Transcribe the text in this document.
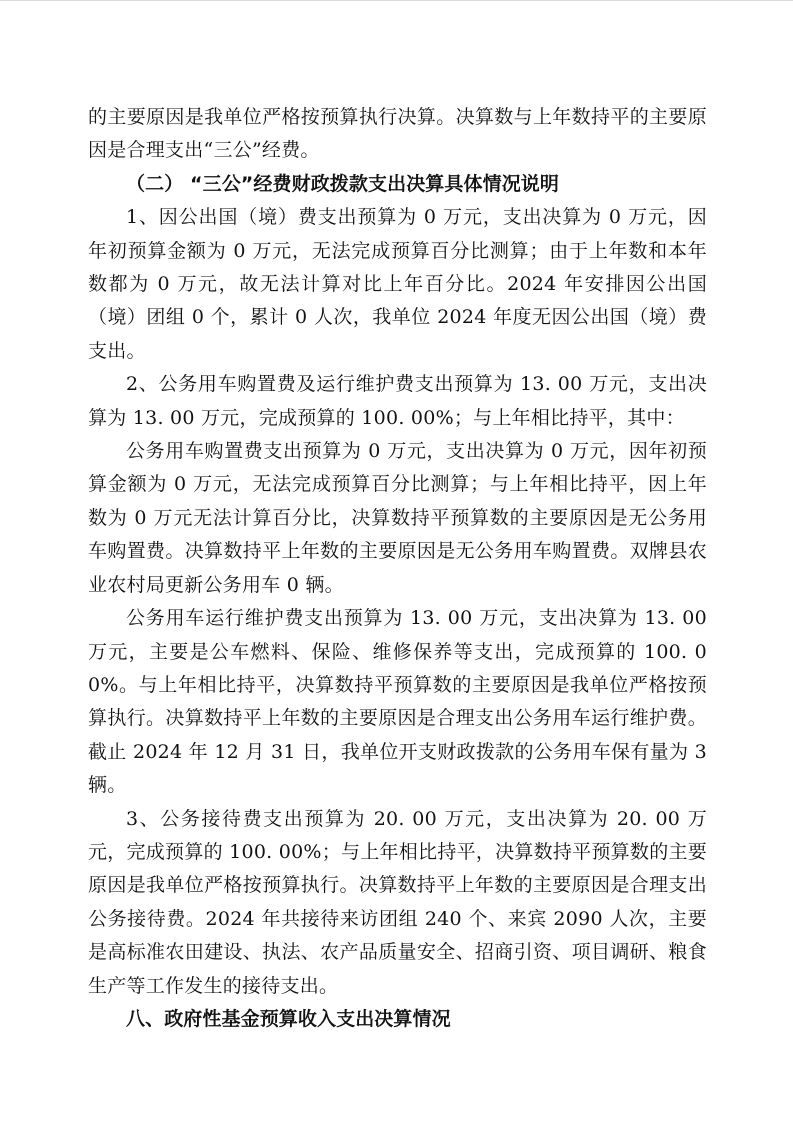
的主要原因是我单位严格按预算执行决算。决算数与上年数持平的主要原因是合理支出“三公”经费。

（二） “三公”经费财政拨款支出决算具体情况说明

1、因公出国（境）费支出预算为 0 万元，支出决算为 0 万元，因年初预算金额为 0 万元，无法完成预算百分比测算；由于上年数和本年数都为 0 万元，故无法计算对比上年百分比。2024 年安排因公出国（境）团组 0 个，累计 0 人次，我单位 2024 年度无因公出国（境）费支出。

2、公务用车购置费及运行维护费支出预算为 13. 00 万元，支出决算为 13. 00 万元，完成预算的 100. 00%；与上年相比持平，其中：

公务用车购置费支出预算为 0 万元，支出决算为 0 万元，因年初预算金额为 0 万元，无法完成预算百分比测算；与上年相比持平，因上年数为 0 万元无法计算百分比，决算数持平预算数的主要原因是无公务用车购置费。决算数持平上年数的主要原因是无公务用车购置费。双牌县农业农村局更新公务用车 0 辆。

公务用车运行维护费支出预算为 13. 00 万元，支出决算为 13. 00 万元，主要是公车燃料、保险、维修保养等支出，完成预算的 100. 00%。与上年相比持平，决算数持平预算数的主要原因是我单位严格按预算执行。决算数持平上年数的主要原因是合理支出公务用车运行维护费。截止 2024 年 12 月 31 日，我单位开支财政拨款的公务用车保有量为 3 辆。

3、公务接待费支出预算为 20. 00 万元，支出决算为 20. 00 万元，完成预算的 100. 00%；与上年相比持平，决算数持平预算数的主要原因是我单位严格按预算执行。决算数持平上年数的主要原因是合理支出公务接待费。2024 年共接待来访团组 240 个、来宾 2090 人次，主要是高标准农田建设、执法、农产品质量安全、招商引资、项目调研、粮食生产等工作发生的接待支出。

八、政府性基金预算收入支出决算情况
